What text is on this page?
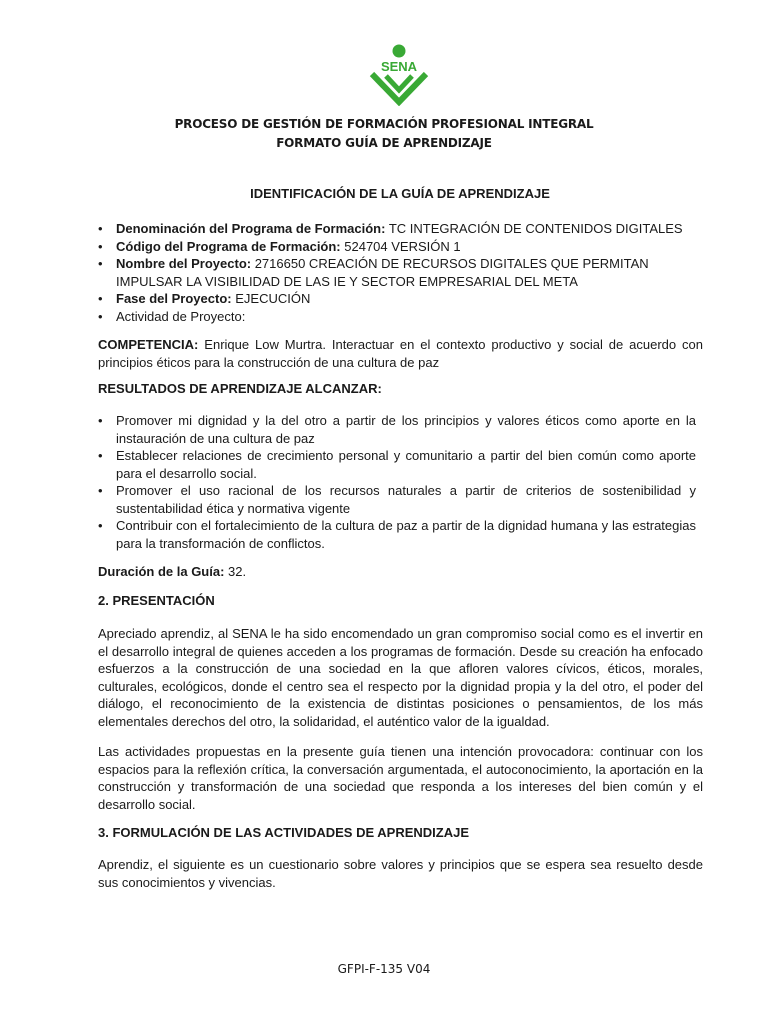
SENA
PROCESO DE GESTIÓN DE FORMACIÓN PROFESIONAL INTEGRAL
FORMATO GUÍA DE APRENDIZAJE
IDENTIFICACIÓN DE LA GUÍA DE APRENDIZAJE
• Denominación del Programa de Formación: TC INTEGRACIÓN DE CONTENIDOS DIGITALES
• Código del Programa de Formación: 524704 VERSIÓN 1
• Nombre del Proyecto: 2716650 CREACIÓN DE RECURSOS DIGITALES QUE PERMITAN IMPULSAR LA VISIBILIDAD DE LAS IE Y SECTOR EMPRESARIAL DEL META
• Fase del Proyecto: EJECUCIÓN
• Actividad de Proyecto:

COMPETENCIA: Enrique Low Murtra. Interactuar en el contexto productivo y social de acuerdo con principios éticos para la construcción de una cultura de paz

RESULTADOS DE APRENDIZAJE ALCANZAR:
• Promover mi dignidad y la del otro a partir de los principios y valores éticos como aporte en la instauración de una cultura de paz
• Establecer relaciones de crecimiento personal y comunitario a partir del bien común como aporte para el desarrollo social.
• Promover el uso racional de los recursos naturales a partir de criterios de sostenibilidad y sustentabilidad ética y normativa vigente
• Contribuir con el fortalecimiento de la cultura de paz a partir de la dignidad humana y las estrategias para la transformación de conflictos.

Duración de la Guía: 32.

2. PRESENTACIÓN

Apreciado aprendiz, al SENA le ha sido encomendado un gran compromiso social como es el invertir en el desarrollo integral de quienes acceden a los programas de formación. Desde su creación ha enfocado esfuerzos a la construcción de una sociedad en la que afloren valores cívicos, éticos, morales, culturales, ecológicos, donde el centro sea el respecto por la dignidad propia y la del otro, el poder del diálogo, el reconocimiento de la existencia de distintas posiciones o pensamientos, de los más elementales derechos del otro, la solidaridad, el auténtico valor de la igualdad.

Las actividades propuestas en la presente guía tienen una intención provocadora: continuar con los espacios para la reflexión crítica, la conversación argumentada, el autoconocimiento, la aportación en la construcción y transformación de una sociedad que responda a los intereses del bien común y el desarrollo social.

3. FORMULACIÓN DE LAS ACTIVIDADES DE APRENDIZAJE

Aprendiz, el siguiente es un cuestionario sobre valores y principios que se espera sea resuelto desde sus conocimientos y vivencias.

GFPI-F-135 V04
